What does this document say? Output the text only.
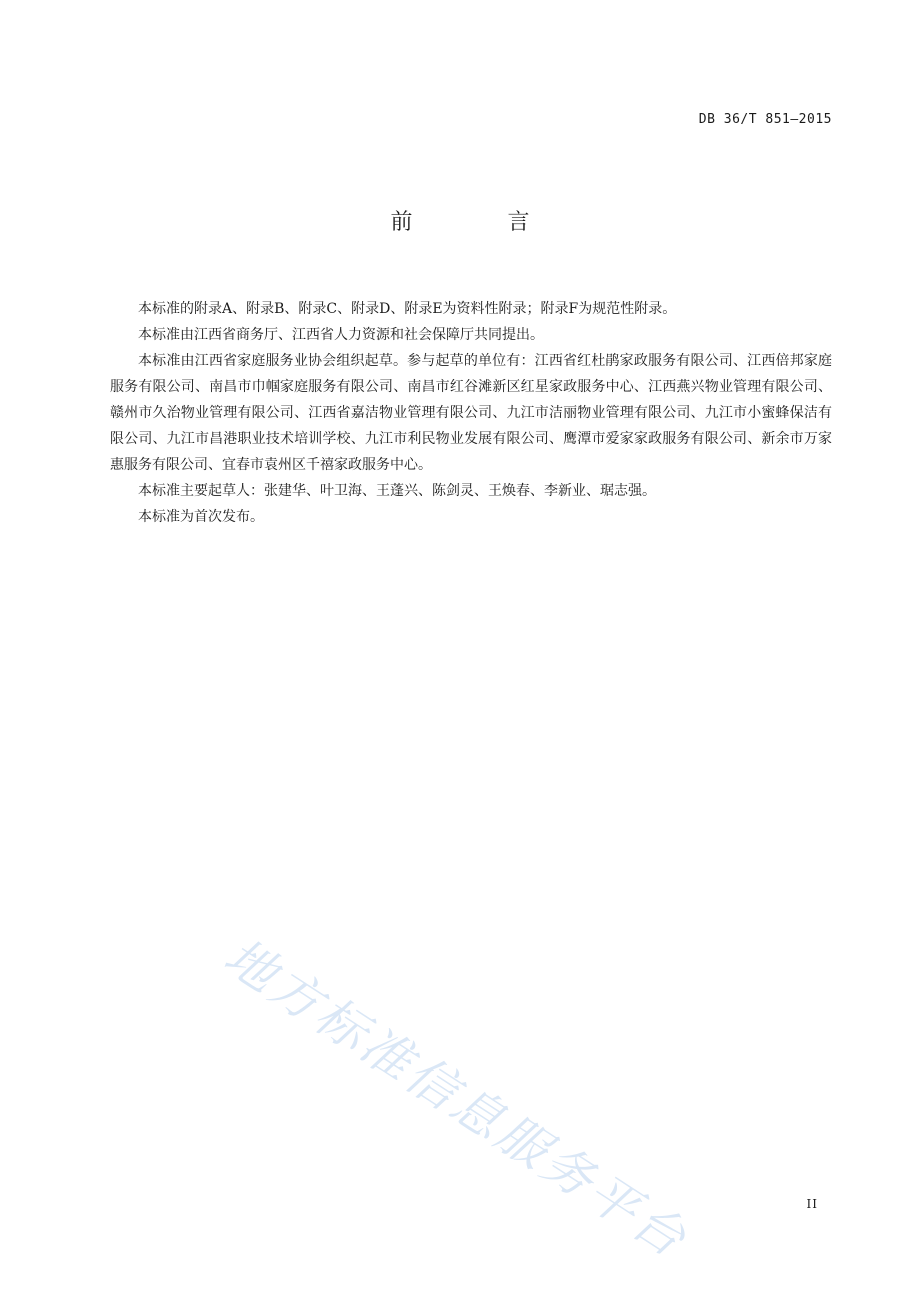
DB 36/T 851—2015
前 言

本标准的附录A、附录B、附录C、附录D、附录E为资料性附录；附录F为规范性附录。

本标准由江西省商务厅、江西省人力资源和社会保障厅共同提出。

本标准由江西省家庭服务业协会组织起草。参与起草的单位有：江西省红杜鹃家政服务有限公司、江西倍邦家庭服务有限公司、南昌市巾帼家庭服务有限公司、南昌市红谷滩新区红星家政服务中心、江西燕兴物业管理有限公司、赣州市久治物业管理有限公司、江西省嘉洁物业管理有限公司、九江市洁丽物业管理有限公司、九江市小蜜蜂保洁有限公司、九江市昌港职业技术培训学校、九江市利民物业发展有限公司、鹰潭市爱家家政服务有限公司、新余市万家惠服务有限公司、宜春市袁州区千禧家政服务中心。

本标准主要起草人：张建华、叶卫海、王蓬兴、陈剑灵、王焕春、李新业、琚志强。

本标准为首次发布。

地方标准信息服务平台	II
